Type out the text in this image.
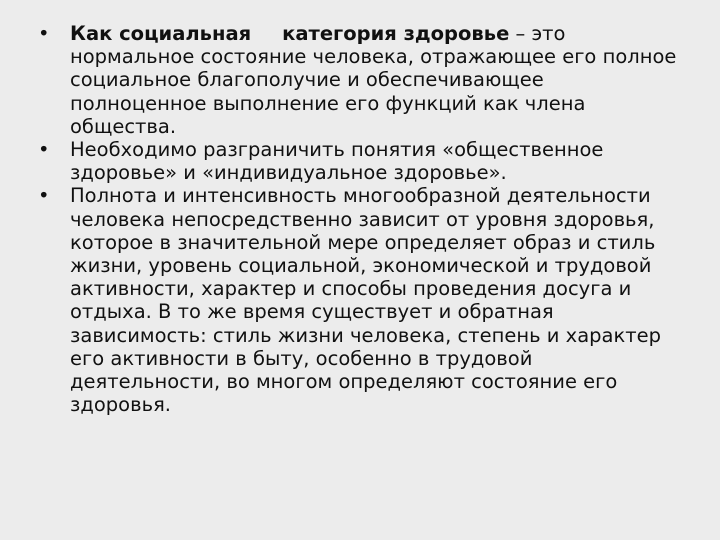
•	Как социальная категория здоровье – это нормальное состояние человека, отражающее его полное социальное благополучие и обеспечивающее полноценное выполнение его функций как члена общества.
•	Необходимо разграничить понятия «общественное здоровье» и «индивидуальное здоровье».
•	Полнота и интенсивность многообразной деятельности человека непосредственно зависит от уровня здоровья, которое в значительной мере определяет образ и стиль жизни, уровень социальной, экономической и трудовой активности, характер и способы проведения досуга и отдыха. В то же время существует и обратная зависимость: стиль жизни человека, степень и характер его активности в быту, особенно в трудовой деятельности, во многом определяют состояние его здоровья.
